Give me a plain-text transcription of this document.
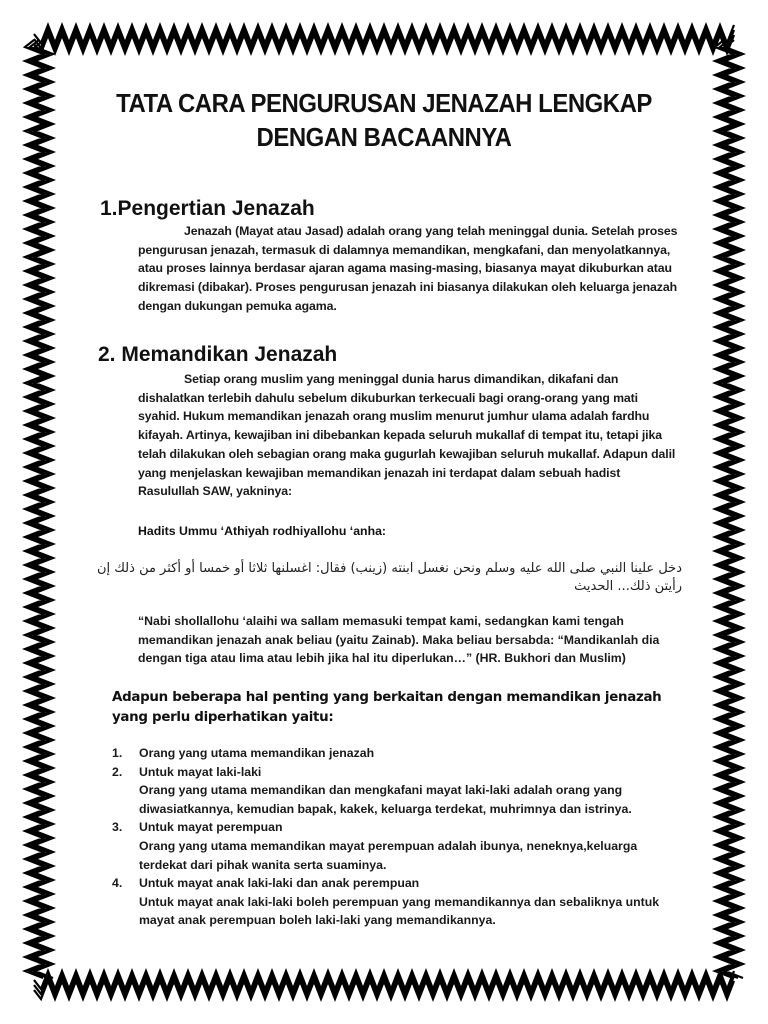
TATA CARA PENGURUSAN JENAZAH LENGKAP
DENGAN BACAANNYA
1.Pengertian Jenazah
Jenazah (Mayat atau Jasad) adalah orang yang telah meninggal dunia. Setelah proses pengurusan jenazah, termasuk di dalamnya memandikan, mengkafani, dan menyolatkannya, atau proses lainnya berdasar ajaran agama masing-masing, biasanya mayat dikuburkan atau dikremasi (dibakar). Proses pengurusan jenazah ini biasanya dilakukan oleh keluarga jenazah dengan dukungan pemuka agama.
2. Memandikan Jenazah
Setiap orang muslim yang meninggal dunia harus dimandikan, dikafani dan dishalatkan terlebih dahulu sebelum dikuburkan terkecuali bagi orang-orang yang mati syahid. Hukum memandikan jenazah orang muslim menurut jumhur ulama adalah fardhu kifayah. Artinya, kewajiban ini dibebankan kepada seluruh mukallaf di tempat itu, tetapi jika telah dilakukan oleh sebagian orang maka gugurlah kewajiban seluruh mukallaf. Adapun dalil yang menjelaskan kewajiban memandikan jenazah ini terdapat dalam sebuah hadist Rasulullah SAW, yakninya:
Hadits Ummu ‘Athiyah rodhiyallohu ‘anha:
دخل علينا النبي صلى الله عليه وسلم ونحن نغسل ابنته (زينب) فقال: اغسلنها ثلاثا أو خمسا أو أكثر من ذلك إن رأيتن ذلك... الحديث
“Nabi shollallohu ‘alaihi wa sallam memasuki tempat kami, sedangkan kami tengah memandikan jenazah anak beliau (yaitu Zainab). Maka beliau bersabda: “Mandikanlah dia dengan tiga atau lima atau lebih jika hal itu diperlukan…” (HR. Bukhori dan Muslim)
Adapun beberapa hal penting yang berkaitan dengan memandikan jenazah yang perlu diperhatikan yaitu:
1. Orang yang utama memandikan jenazah
2. Untuk mayat laki-laki
Orang yang utama memandikan dan mengkafani mayat laki-laki adalah orang yang diwasiatkannya, kemudian bapak, kakek, keluarga terdekat, muhrimnya dan istrinya.
3. Untuk mayat perempuan
Orang yang utama memandikan mayat perempuan adalah ibunya, neneknya,keluarga terdekat dari pihak wanita serta suaminya.
4. Untuk mayat anak laki-laki dan anak perempuan
Untuk mayat anak laki-laki boleh perempuan yang memandikannya dan sebaliknya untuk mayat anak perempuan boleh laki-laki yang memandikannya.
